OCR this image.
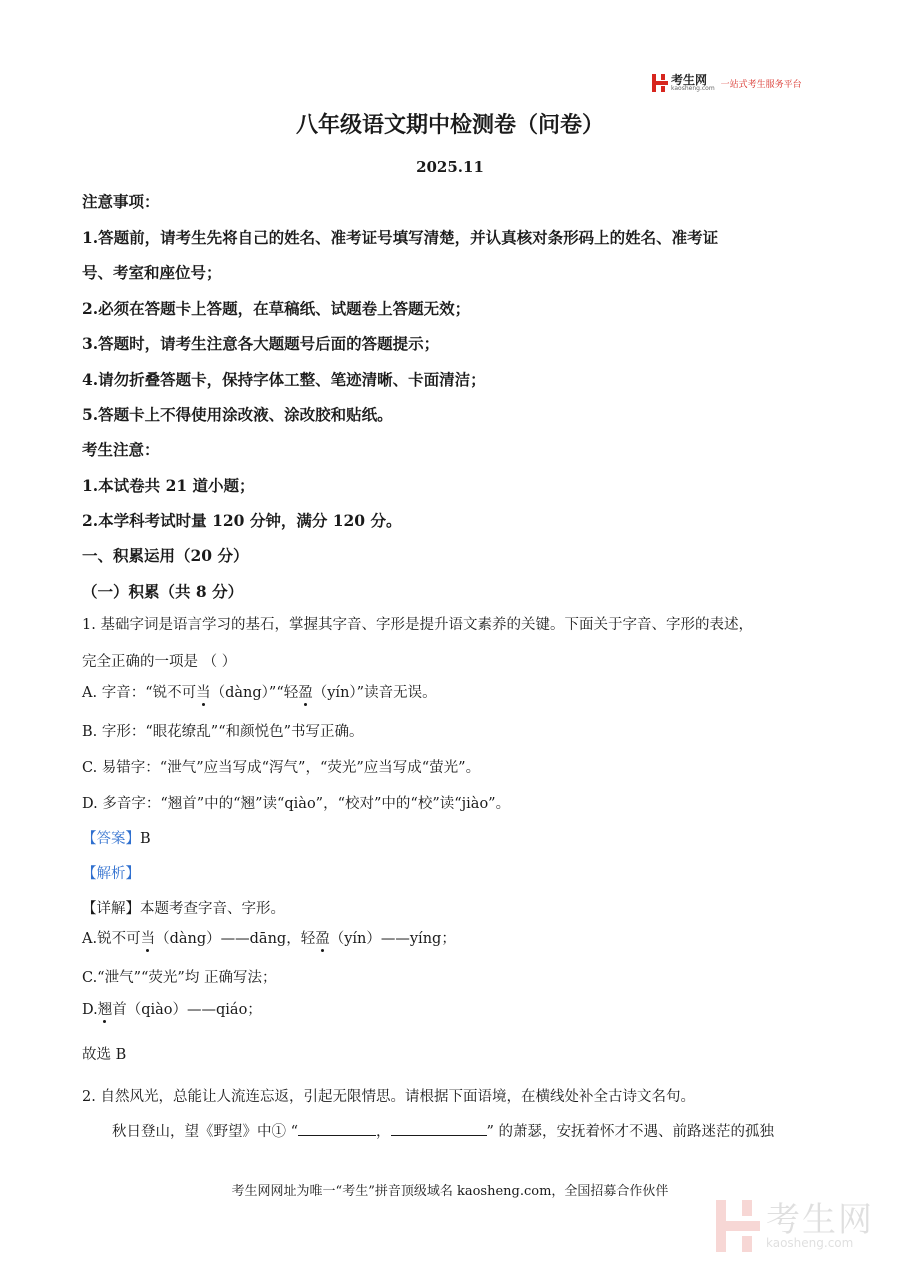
考生网
kaosheng.com 一站式考生服务平台
八年级语文期中检测卷（问卷）
2025.11
注意事项：
1.答题前，请考生先将自己的姓名、准考证号填写清楚，并认真核对条形码上的姓名、准考证
号、考室和座位号；
2.必须在答题卡上答题，在草稿纸、试题卷上答题无效；
3.答题时，请考生注意各大题题号后面的答题提示；
4.请勿折叠答题卡，保持字体工整、笔迹清晰、卡面清洁；
5.答题卡上不得使用涂改液、涂改胶和贴纸。
考生注意：
1.本试卷共 21 道小题；
2.本学科考试时量 120 分钟，满分 120 分。
一、积累运用（20 分）
（一）积累（共 8 分）
1. 基础字词是语言学习的基石，掌握其字音、字形是提升语文素养的关键。下面关于字音、字形的表述，
完全正确的一项是 （ ）
A. 字音：“锐不可当（dàng）”“轻盈（yín）”读音无误。
B. 字形：“眼花缭乱”“和颜悦色”书写正确。
C. 易错字：“泄气”应当写成“泻气”，“荧光”应当写成“萤光”。
D. 多音字：“翘首”中的“翘”读“qiào”，“校对”中的“校”读“jiào”。
【答案】B
【解析】
【详解】本题考查字音、字形。
A.锐不可当（dàng）——dāng，轻盈（yín）——yíng；
C.“泄气”“荧光”均 正确写法；
D.翘首（qiào）——qiáo；
故选 B
2. 自然风光，总能让人流连忘返，引起无限情思。请根据下面语境，在横线处补全古诗文名句。
秋日登山，望《野望》中① “	，	” 的萧瑟，安抚着怀才不遇、前路迷茫的孤独
考生网网址为唯一“考生”拼音顶级域名 kaosheng.com，全国招募合作伙伴
考生网
kaosheng.com
